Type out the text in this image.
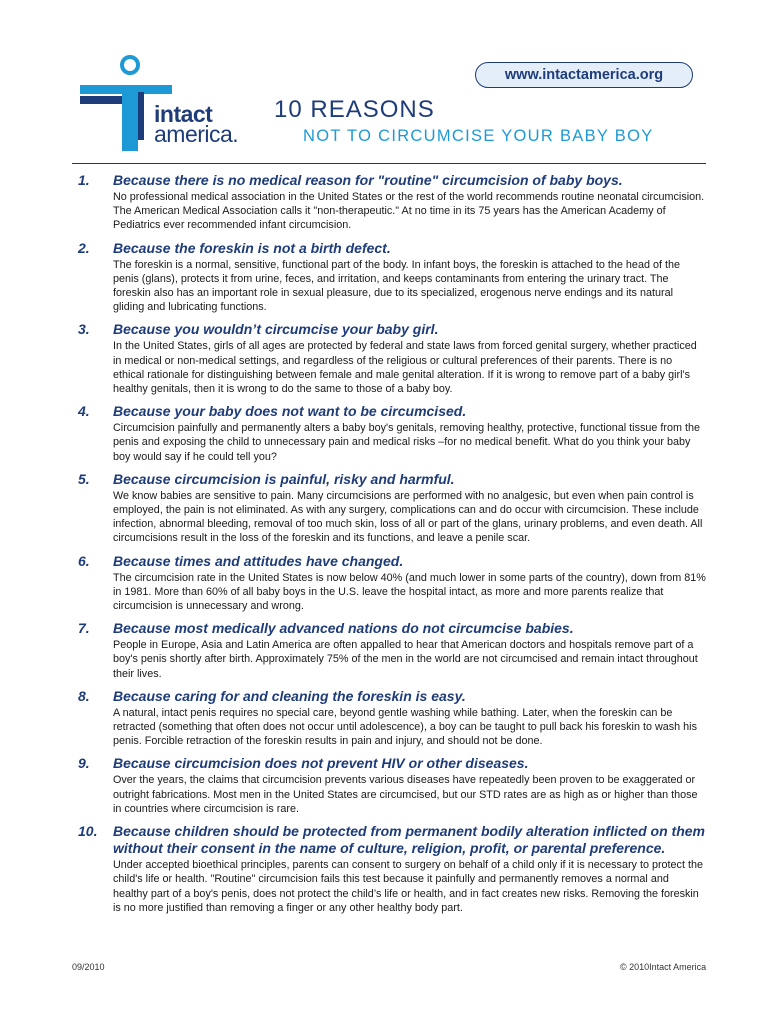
intact
america.
www.intactamerica.org
10 REASONS
NOT TO CIRCUMCISE YOUR BABY BOY
1. Because there is no medical reason for "routine" circumcision of baby boys.
No professional medical association in the United States or the rest of the world recommends routine neonatal circumcision. The American Medical Association calls it "non-therapeutic." At no time in its 75 years has the American Academy of Pediatrics ever recommended infant circumcision.
2. Because the foreskin is not a birth defect.
The foreskin is a normal, sensitive, functional part of the body. In infant boys, the foreskin is attached to the head of the penis (glans), protects it from urine, feces, and irritation, and keeps contaminants from entering the urinary tract. The foreskin also has an important role in sexual pleasure, due to its specialized, erogenous nerve endings and its natural gliding and lubricating functions.
3. Because you wouldn’t circumcise your baby girl.
In the United States, girls of all ages are protected by federal and state laws from forced genital surgery, whether practiced in medical or non-medical settings, and regardless of the religious or cultural preferences of their parents. There is no ethical rationale for distinguishing between female and male genital alteration. If it is wrong to remove part of a baby girl's healthy genitals, then it is wrong to do the same to those of a baby boy.
4. Because your baby does not want to be circumcised.
Circumcision painfully and permanently alters a baby boy's genitals, removing healthy, protective, functional tissue from the penis and exposing the child to unnecessary pain and medical risks –for no medical benefit. What do you think your baby boy would say if he could tell you?
5. Because circumcision is painful, risky and harmful.
We know babies are sensitive to pain. Many circumcisions are performed with no analgesic, but even when pain control is employed, the pain is not eliminated. As with any surgery, complications can and do occur with circumcision. These include infection, abnormal bleeding, removal of too much skin, loss of all or part of the glans, urinary problems, and even death. All circumcisions result in the loss of the foreskin and its functions, and leave a penile scar.
6. Because times and attitudes have changed.
The circumcision rate in the United States is now below 40% (and much lower in some parts of the country), down from 81% in 1981. More than 60% of all baby boys in the U.S. leave the hospital intact, as more and more parents realize that circumcision is unnecessary and wrong.
7. Because most medically advanced nations do not circumcise babies.
People in Europe, Asia and Latin America are often appalled to hear that American doctors and hospitals remove part of a boy's penis shortly after birth. Approximately 75% of the men in the world are not circumcised and remain intact throughout their lives.
8. Because caring for and cleaning the foreskin is easy.
A natural, intact penis requires no special care, beyond gentle washing while bathing. Later, when the foreskin can be retracted (something that often does not occur until adolescence), a boy can be taught to pull back his foreskin to wash his penis. Forcible retraction of the foreskin results in pain and injury, and should not be done.
9. Because circumcision does not prevent HIV or other diseases.
Over the years, the claims that circumcision prevents various diseases have repeatedly been proven to be exaggerated or outright fabrications. Most men in the United States are circumcised, but our STD rates are as high as or higher than those in countries where circumcision is rare.
10. Because children should be protected from permanent bodily alteration inflicted on them without their consent in the name of culture, religion, profit, or parental preference.
Under accepted bioethical principles, parents can consent to surgery on behalf of a child only if it is necessary to protect the child's life or health. "Routine" circumcision fails this test because it painfully and permanently removes a normal and healthy part of a boy's penis, does not protect the child’s life or health, and in fact creates new risks. Removing the foreskin is no more justified than removing a finger or any other healthy body part.
09/2010	© 2010Intact America
